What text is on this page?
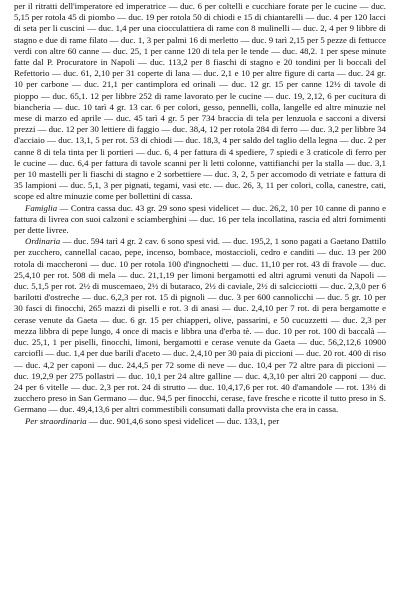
per il ritratti dell'imperatore ed imperatrice — duc. 6 per coltelli e cucchiare forate per le cucine — duc. 5,15 per rotola 45 di piombo — duc. 19 per rotola 50 di chiodi e 15 di chiantarelli — duc. 4 per 120 lacci di seta per li cuscini — duc. 1,4 per una ciocculattiera di rame con 8 mulinelli — duc. 2, 4 per 9 libbre di stagno e due di rame filato — duc. 1, 3 per palmi 16 di merletto — duc. 9 tarì 2,15 per 5 pezze di fettucce verdi con altre 60 canne — duc. 25, 1 per canne 120 di tela per le tende — duc. 48,2. 1 per spese minute fatte dal P. Procuratore in Napoli — duc. 113,2 per 8 fiaschi di stagno e 20 tondini per li boccali del Refettorio — duc. 61, 2,10 per 31 coperte di lana — duc. 2,1 e 10 per altre figure di carta — duc. 24 gr. 10 per carbone — duc. 21,1 per cantimplora ed orinali — duc. 12 gr. 15 per canne 12½ di tavole di pioppo — duc. 65,1. 12 per libbre 252 di rame lavorato per le cucine — duc. 19, 2,12, 6 per cucitura di biancheria — duc. 10 tarì 4 gr. 13 car. 6 per colori, gesso, pennelli, colla, langelle ed altre minuzie nel mese di marzo ed aprile — duc. 45 tarì 4 gr. 5 per 734 braccia di tela per lenzuola e sacconi a diversi prezzi — duc. 12 per 30 lettiere di faggio — duc. 38,4, 12 per rotola 284 di ferro — duc. 3,2 per libbre 34 d'acciaio — duc. 13,1, 5 per rot. 53 di chiodi — duc. 18,3, 4 per saldo del taglio della legna — duc. 2 per canne 8 di tela tinta per li portieri — duc. 6, 4 per fattura di 4 spediere, 7 spiedi e 3 craticole di ferro per le cucine — duc. 6,4 per fattura di tavole scanni per li letti colonne, vattifianchi per la stalla — duc. 3,1 per 10 mastelli per li fiaschi di stagno e 2 sorbettiere — duc. 3, 2, 5 per accomodo di vetriate e fattura di 35 lampioni — duc. 5,1, 3 per pignati, tegami, vasi etc. — duc. 26, 3, 11 per colori, colla, canestre, cati, scope ed altre minuzie come per bollettini di cassa.

Famiglia — Contra cassa duc. 43 gr. 29 sono spesi videlicet — duc. 26,2, 10 per 10 canne di panno e fattura di livrea con suoi calzoni e sciamberghini — duc. 16 per tela incollatina, rascia ed altri fornimenti per dette livree.

Ordinaria — duc. 594 tarì 4 gr. 2 cav. 6 sono spesi vid. — duc. 195,2, 1 sono pagati a Gaetano Dattilo per zucchero, cannellal cacao, pepe, incenso, bombace, mostaccioli, cedro e canditi — duc. 13 per 200 rotola di maccheroni — duc. 10 per rotola 100 d'ingnochetti — duc. 11,10 per rot. 43 di fravole — duc. 25,4,10 per rot. 508 di mela — duc. 21,1,19 per limoni bergamotti ed altri agrumi venuti da Napoli — duc. 5,1,5 per rot. 2½ di muscemaeo, 2½ di butaraco, 2½ di caviale, 2½ di salcicciotti — duc. 2,3,0 per 6 barilotti d'ostreche — duc. 6,2,3 per rot. 15 di pignoli — duc. 3 per 600 cannolicchi — duc. 5 gr. 10 per 30 fasci di finocchi, 265 mazzi di piselli e rot. 3 di anasi — duc. 2,4,10 per 7 rot. di pera bergamotte e cerase venute da Gaeta — duc. 6 gr. 15 per chiapperi, olive, passarini, e 50 cucuzzetti — duc. 2,3 per mezza libbra di pepe lungo, 4 once di macis e libbra una d'erba tè. — duc. 10 per rot. 100 di baccalà — duc. 25,1, 1 per piselli, finocchi, limoni, bergamotti e cerase venute da Gaeta — duc. 56,2,12,6 10900 carciofli — duc. 1,4 per due barili d'aceto — duc. 2,4,10 per 30 paia di piccioni — duc. 20 rot. 400 di riso — duc. 4,2 per caponi — duc. 24,4,5 per 72 some di neve — duc. 10,4 per 72 altre para di piccioni — duc. 19,2,9 per 275 pollastri — duc. 10,1 per 24 altre galline — duc. 4,3,10 per altri 20 capponi — duc. 24 per 6 vitelle — duc. 2,3 per rot. 24 di strutto — duc. 10,4,17,6 per rot. 40 d'amandole — rot. 13½ di zucchero preso in San Germano — duc. 94,5 per finocchi, cerase, fave fresche e ricotte il tutto preso in S. Germano — duc. 49,4,13,6 per altri commestibili consumati dalla provvista che era in cassa.

Per straordinaria — duc. 901,4,6 sono spesi videlicet — duc. 133,1, per
